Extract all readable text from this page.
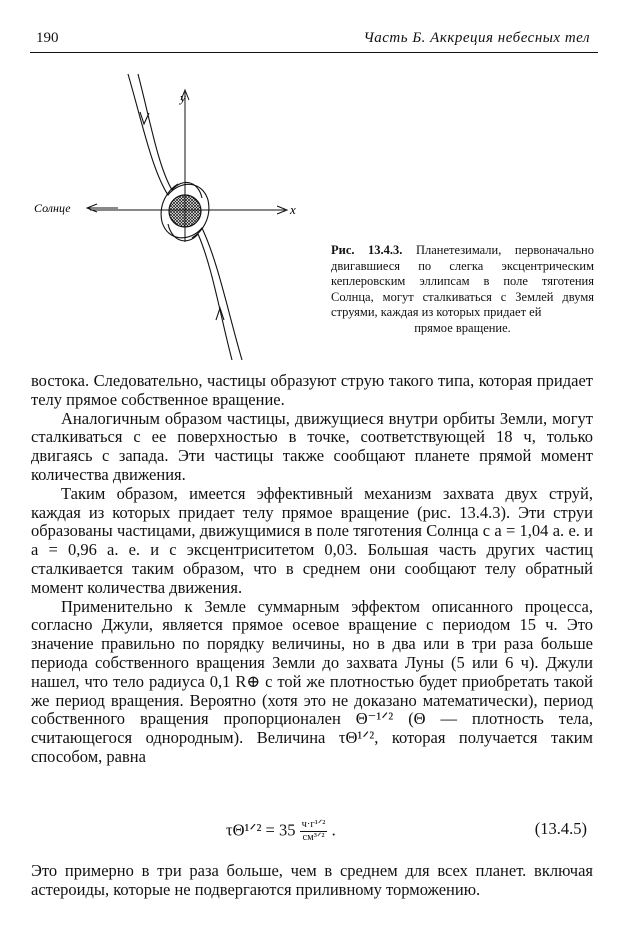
190	Часть Б. Аккреция небесных тел
y
x
Солнце
Рис. 13.4.3. Планетезимали, первоначально двигавшиеся по слегка эксцентрическим кеплеровским эллипсам в поле тяготения Солнца, могут сталкиваться с Землей двумя струями, каждая из которых придает ей
прямое вращение.

востока. Следовательно, частицы образуют струю такого типа, которая придает телу прямое собственное вращение.

Аналогичным образом частицы, движущиеся внутри орбиты Земли, могут сталкиваться с ее поверхностью в точке, соответствующей 18 ч, только двигаясь с запада. Эти частицы также сообщают планете прямой момент количества движения.

Таким образом, имеется эффективный механизм захвата двух струй, каждая из которых придает телу прямое вращение (рис. 13.4.3). Эти струи образованы частицами, движущимися в поле тяготения Солнца с a = 1,04 а. е. и a = 0,96 а. е. и с эксцентриситетом 0,03. Большая часть других частиц сталкивается таким образом, что в среднем они сообщают телу обратный момент количества движения.

Применительно к Земле суммарным эффектом описанного процесса, согласно Джули, является прямое осевое вращение с периодом 15 ч. Это значение правильно по порядку величины, но в два или в три раза больше периода собственного вращения Земли до захвата Луны (5 или 6 ч). Джули нашел, что тело радиуса 0,1 R⊕ с той же плотностью будет приобретать такой же период вращения. Вероятно (хотя это не доказано математически), период собственного вращения пропорционален Θ⁻¹ᐟ² (Θ — плотность тела, считающегося однородным). Величина τΘ¹ᐟ², которая получается таким способом, равна

τΘ¹ᐟ² = $35 \frac{\text{ч·г¹ᐟ²}}{\text{см³ᐟ²}}$ .	(13.4.5)

Это примерно в три раза больше, чем в среднем для всех планет. включая астероиды, которые не подвергаются приливному торможению.
